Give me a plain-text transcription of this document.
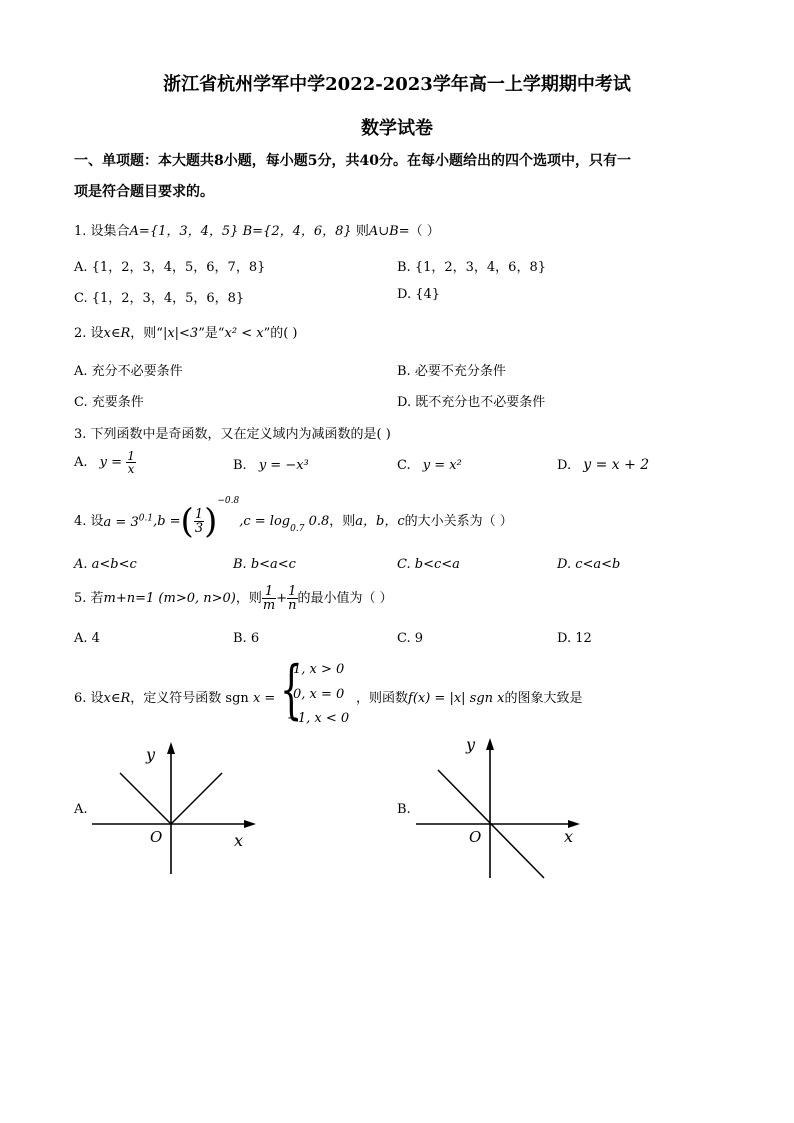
浙江省杭州学军中学2022-2023学年高一上学期期中考试
数学试卷
一、单项题：本大题共8小题，每小题5分，共40分。在每小题给出的四个选项中，只有一
项是符合题目要求的。
1. 设集合A={1，3，4，5} B={2，4，6，8} 则A∪B=（ ）
A. {1，2，3，4，5，6，7，8}	B. {1，2，3，4，6，8}
C. {1，2，3，4，5，6，8}	D. {4}
2. 设x∈R，则“|x|<3”是“x² < x”的( )
A. 充分不必要条件	B. 必要不充分条件
C. 充要条件	D. 既不充分也不必要条件
3. 下列函数中是奇函数，又在定义域内为减函数的是( )
A. $y = \frac{1}{x}$	B. y = −x³	C. y = x²	D. y = x + 2
4. 设$a = 3^{0.1},b$ =( $\frac{1}{3} )^{-0.8},c = \log_{0.7} 0.8$，则a，b，c的大小关系为（ ）
A. a<b<c	B. b<a<c	C. b<c<a	D. c<a<b
5. 若m+n=1 (m>0, n>0)，则 $\frac{1}{m} + \frac{1}{n}$ 的最小值为（ ）
A. 4	B. 6	C. 9	D. 12
6. 设x∈R，定义符号函数 sgn x = {
1, x > 0
0, x = 0
−1, x < 0
，则函数f(x) = |x| sgn x的图象大致是
A.
y
x
O
B.
y
x
O
